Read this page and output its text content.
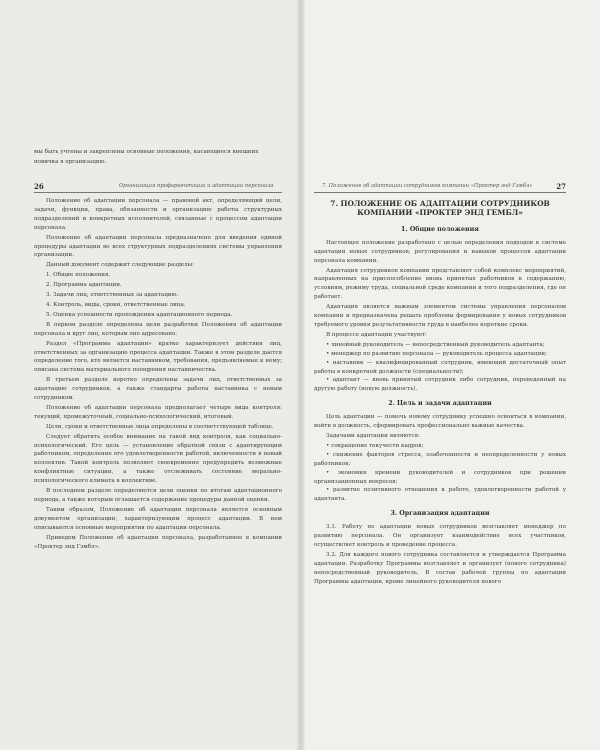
мы быть учтены и закреплены основные положения, касающиеся внешних

новичка в организацию.

26	Организация профориентации и адаптации персонала

Положение об адаптации персонала — правовой акт, определяющий цели, задачи, функции, права, обязанности и организацию работы структурных подразделений и конкретных исполнителей, связанные с процессом адаптации персонала.

Положение об адаптации персонала предназначено для введения единой процедуры адаптации во всех структурных подразделениях системы управления организации.

Данный документ содержит следующие разделы:

1. Общие положения.

2. Программа адаптации.

3. Задачи лиц, ответственных за адаптацию.

4. Контроль, виды, сроки, ответственные лица.

5. Оценка успешности прохождения адаптационного периода.

В первом разделе определены цели разработки Положения об адаптации персонала и круг лиц, которым оно адресовано.

Раздел «Программа адаптации» кратко характеризует действия лиц, ответственных за организацию процесса адаптации. Также в этом разделе дается определение того, кто является наставником, требования, предъявляемые к нему; описана система материального поощрения наставничества.

В третьем разделе коротко определены задачи лиц, ответственных за адаптацию сотрудников, а также стандарты работы наставника с новым сотрудником.

Положение об адаптации персонала предполагает четыре вида контроля: текущий, промежуточный, социально-психологический, итоговый.

Цели, сроки и ответственные лица определены в соответствующей таблице.

Следует обратить особое внимание на такой вид контроля, как социально-психологический. Его цель — установление обратной связи с адаптирующим работником, определение его удовлетворенности работой, включенности в новый коллектив. Такой контроль позволяет своевременно предупредить возможные конфликтные ситуации, а также отслеживать состояние морально-психологического климата в коллективе.

В последнем разделе определяются цели оценки по итогам адаптационного периода, а также которым оглашается содержание процедуры данной оценки.

Таким образом, Положение об адаптации персонала является основным документом организации, характеризующим процесс адаптации. В нем описываются основные мероприятия по адаптации персонала.

Приведем Положение об адаптации персонала, разработанное в компании «Проктер энд Гэмбл».

7. Положение об адаптации сотрудников компании «Проктер энд Гэмбл»	27
7. ПОЛОЖЕНИЕ ОБ АДАПТАЦИИ СОТРУДНИКОВ КОМПАНИИ «ПРОКТЕР ЭНД ГЕМБЛ»
1. Общие положения

Настоящее положение разработано с целью определения подходов к системе адаптации новых сотрудников, регулирования и навыков процессов адаптации персонала компании.

Адаптация сотрудников компании представляет собой комплекс мероприятий, направленных на приспособление вновь принятых работников к содержанию, условиям, режиму труда, социальной среде компании и того подразделения, где он работает.

Адаптация является важным элементом системы управления персоналом компании и предназначена решать проблемы формирования у новых сотрудников требуемого уровня результативности труда в наиболее короткие сроки.

В процессе адаптации участвуют:

• линейный руководитель — непосредственный руководитель адаптанта;
• менеджер по развитию персонала — руководитель процесса адаптации;
• наставник — квалифицированный сотрудник, имеющий достаточный опыт работы в конкретной должности (специальности);
• адаптант — вновь принятый сотрудник либо сотрудник, переведенный на другую работу (новую должность).
2. Цель и задачи адаптации

Цель адаптации — помочь новому сотруднику успешно освоиться в компании, войти в должность, сформировать профессионально важные качества.

Задачами адаптации являются:

• сокращение текучести кадров;
• снижение факторов стресса, озабоченности и неопределенности у новых работников;
• экономия времени руководителей и сотрудников при решении организационных вопросов;
• развитие позитивного отношения к работе, удовлетворенности работой у адаптанта.
3. Организация адаптации

3.1. Работу по адаптации новых сотрудников возглавляет менеджер по развитию персонала. Он организует взаимодействие всех участников, осуществляет контроль и проведение процесса.

3.2. Для каждого нового сотрудника составляется и утверждается Программа адаптации. Разработку Программы возглавляет и организует (нового сотрудника) непосредственный руководитель. В состав рабочей группы по адаптации Программы адаптации, кроме линейного руководителя нового
